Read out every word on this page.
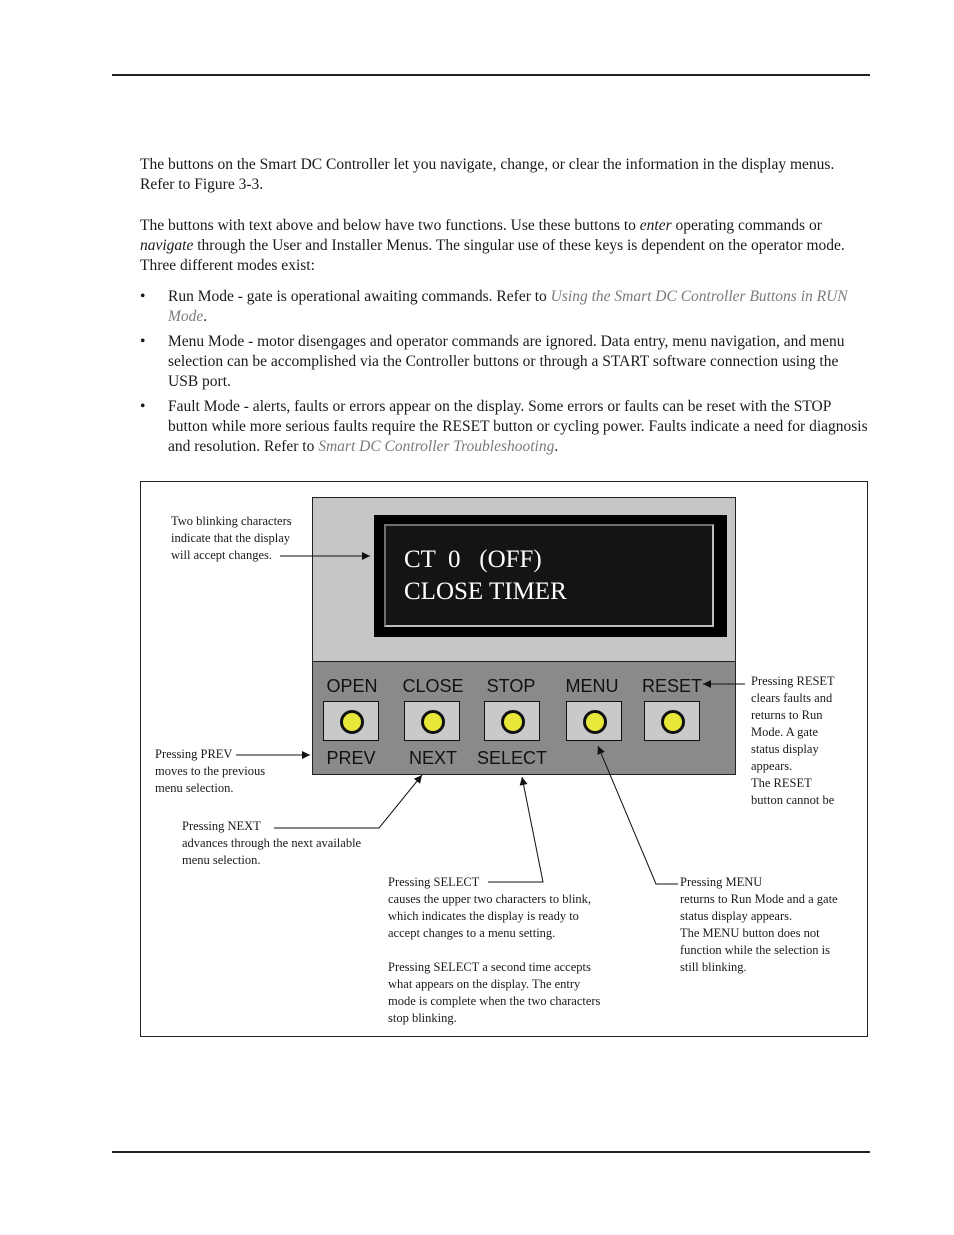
The buttons on the Smart DC Controller let you navigate, change, or clear the information in the display menus. Refer to Figure 3-3.

The buttons with text above and below have two functions. Use these buttons to enter operating commands or navigate through the User and Installer Menus. The singular use of these keys is dependent on the operator mode. Three different modes exist:

• Run Mode - gate is operational awaiting commands. Refer to Using the Smart DC Controller Buttons in RUN Mode.
• Menu Mode - motor disengages and operator commands are ignored. Data entry, menu navigation, and menu selection can be accomplished via the Controller buttons or through a START software connection using the USB port.
• Fault Mode - alerts, faults or errors appear on the display. Some errors or faults can be reset with the STOP button while more serious faults require the RESET button or cycling power. Faults indicate a need for diagnosis and resolution. Refer to Smart DC Controller Troubleshooting.
CT  0   (OFF)
CLOSE TIMER
OPEN CLOSE STOP MENU RESET
PREV NEXT SELECT

Two blinking characters

indicate that the display

will accept changes.

Pressing PREV

moves to the previous

menu selection.

Pressing NEXT

advances through the next available

menu selection.

Pressing SELECT

causes the upper two characters to blink,

which indicates the display is ready to

accept changes to a menu setting.

Pressing SELECT a second time accepts

what appears on the display. The entry

mode is complete when the two characters

stop blinking.

Pressing MENU

returns to Run Mode and a gate

status display appears.

The MENU button does not

function while the selection is

still blinking.

Pressing RESET

clears faults and

returns to Run

Mode. A gate

status display

appears.

The RESET

button cannot be
